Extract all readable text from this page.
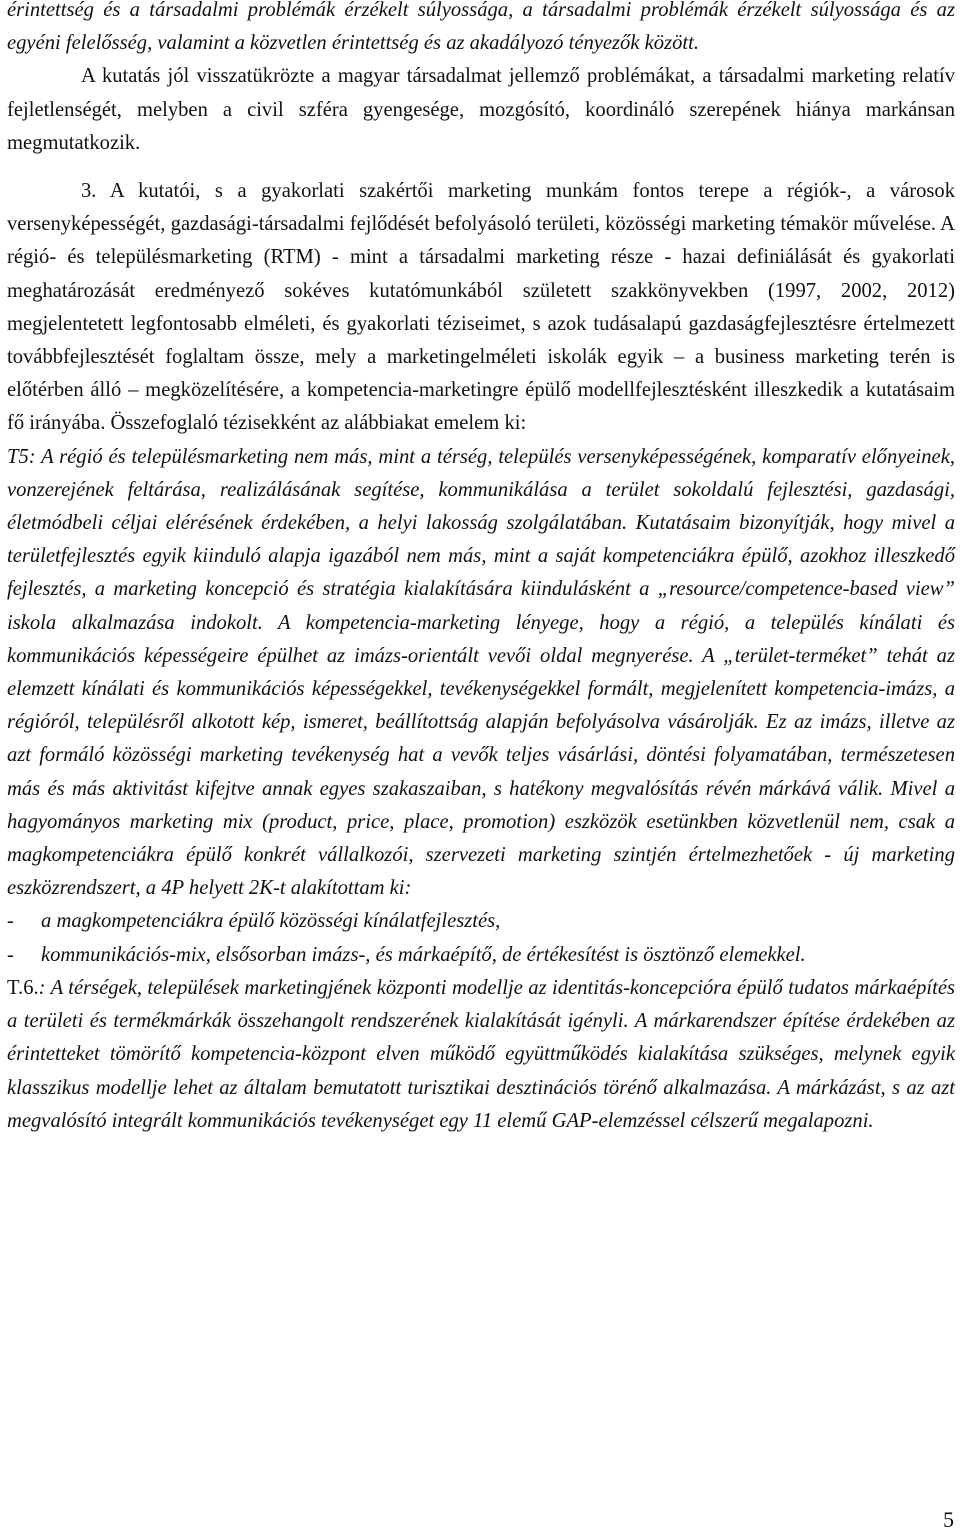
érintettség és a társadalmi problémák érzékelt súlyossága, a társadalmi problémák érzékelt súlyossága és az egyéni felelősség, valamint a közvetlen érintettség és az akadályozó tényezők között.

A kutatás jól visszatükrözte a magyar társadalmat jellemző problémákat, a társadalmi marketing relatív fejletlenségét, melyben a civil szféra gyengesége, mozgósító, koordináló szerepének hiánya markánsan megmutatkozik.

3. A kutatói, s a gyakorlati szakértői marketing munkám fontos terepe a régiók-, a városok versenyképességét, gazdasági-társadalmi fejlődését befolyásoló területi, közösségi marketing témakör művelése. A régió- és településmarketing (RTM) - mint a társadalmi marketing része - hazai definiálását és gyakorlati meghatározását eredményező sokéves kutatómunkából született szakkönyvekben (1997, 2002, 2012) megjelentetett legfontosabb elméleti, és gyakorlati téziseimet, s azok tudásalapú gazdaságfejlesztésre értelmezett továbbfejlesztését foglaltam össze, mely a marketingelméleti iskolák egyik – a business marketing terén is előtérben álló – megközelítésére, a kompetencia-marketingre épülő modellfejlesztésként illeszkedik a kutatásaim fő irányába. Összefoglaló tézisekként az alábbiakat emelem ki:

T5: A régió és településmarketing nem más, mint a térség, település versenyképességének, komparatív előnyeinek, vonzerejének feltárása, realizálásának segítése, kommunikálása a terület sokoldalú fejlesztési, gazdasági, életmódbeli céljai elérésének érdekében, a helyi lakosság szolgálatában. Kutatásaim bizonyítják, hogy mivel a területfejlesztés egyik kiinduló alapja igazából nem más, mint a saját kompetenciákra épülő, azokhoz illeszkedő fejlesztés, a marketing koncepció és stratégia kialakítására kiindulásként a „resource/competence-based view” iskola alkalmazása indokolt. A kompetencia-marketing lényege, hogy a régió, a település kínálati és kommunikációs képességeire épülhet az imázs-orientált vevői oldal megnyerése. A „terület-terméket” tehát az elemzett kínálati és kommunikációs képességekkel, tevékenységekkel formált, megjelenített kompetencia-imázs, a régióról, településről alkotott kép, ismeret, beállítottság alapján befolyásolva vásárolják. Ez az imázs, illetve az azt formáló közösségi marketing tevékenység hat a vevők teljes vásárlási, döntési folyamatában, természetesen más és más aktivitást kifejtve annak egyes szakaszaiban, s hatékony megvalósítás révén márkává válik. Mivel a hagyományos marketing mix (product, price, place, promotion) eszközök esetünkben közvetlenül nem, csak a magkompetenciákra épülő konkrét vállalkozói, szervezeti marketing szintjén értelmezhetőek - új marketing eszközrendszert, a 4P helyett 2K-t alakítottam ki:

-	a magkompetenciákra épülő közösségi kínálatfejlesztés,
-	kommunikációs-mix, elsősorban imázs-, és márkaépítő, de értékesítést is ösztönző elemekkel.

T.6.: A térségek, települések marketingjének központi modellje az identitás-koncepcióra épülő tudatos márkaépítés a területi és termékmárkák összehangolt rendszerének kialakítását igényli. A márkarendszer építése érdekében az érintetteket tömörítő kompetencia-központ elven működő együttműködés kialakítása szükséges, melynek egyik klasszikus modellje lehet az általam bemutatott turisztikai desztinációs törénő alkalmazása. A márkázást, s az azt megvalósító integrált kommunikációs tevékenységet egy 11 elemű GAP-elemzéssel célszerű megalapozni.

5
